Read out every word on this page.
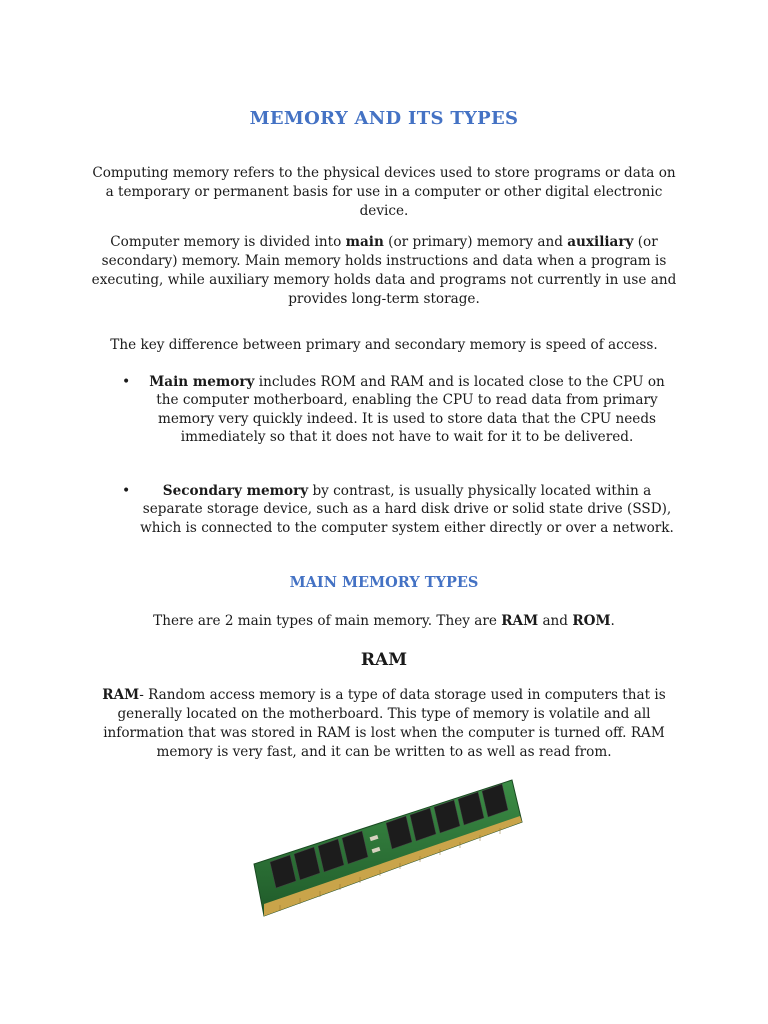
MEMORY AND ITS TYPES
Computing memory refers to the physical devices used to store programs or data on a temporary or permanent basis for use in a computer or other digital electronic device.
Computer memory is divided into main (or primary) memory and auxiliary (or secondary) memory. Main memory holds instructions and data when a program is executing, while auxiliary memory holds data and programs not currently in use and provides long-term storage.
The key difference between primary and secondary memory is speed of access.
•	Main memory includes ROM and RAM and is located close to the CPU on the computer motherboard, enabling the CPU to read data from primary memory very quickly indeed. It is used to store data that the CPU needs immediately so that it does not have to wait for it to be delivered.
•	Secondary memory by contrast, is usually physically located within a separate storage device, such as a hard disk drive or solid state drive (SSD), which is connected to the computer system either directly or over a network.
MAIN MEMORY TYPES
There are 2 main types of main memory. They are RAM and ROM.
RAM
RAM- Random access memory is a type of data storage used in computers that is generally located on the motherboard. This type of memory is volatile and all information that was stored in RAM is lost when the computer is turned off. RAM memory is very fast, and it can be written to as well as read from.
